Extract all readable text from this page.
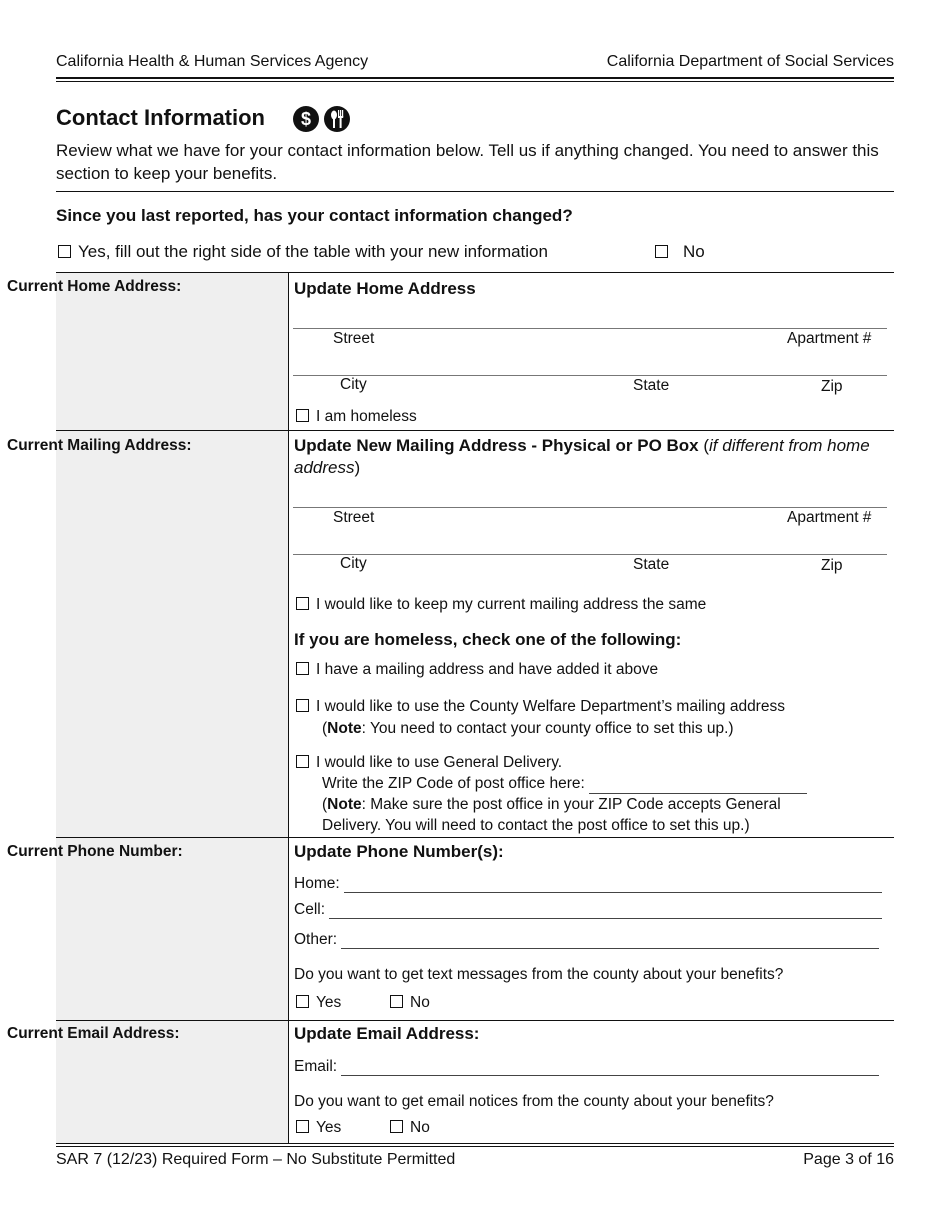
California Health & Human Services Agency	California Department of Social Services
Contact Information $
Review what we have for your contact information below. Tell us if anything changed. You need to answer this section to keep your benefits.
Since you last reported, has your contact information changed?
Yes, fill out the right side of the table with your new information	No
Current Home Address:	Update Home Address
Street	Apartment #
City	State	Zip
I am homeless
Current Mailing Address:	Update New Mailing Address - Physical or PO Box (if different from home address)
Street	Apartment #
City	State	Zip
I would like to keep my current mailing address the same
If you are homeless, check one of the following:
I have a mailing address and have added it above
I would like to use the County Welfare Department’s mailing address
(Note: You need to contact your county office to set this up.)
I would like to use General Delivery.
Write the ZIP Code of post office here:
(Note: Make sure the post office in your ZIP Code accepts General
Delivery. You will need to contact the post office to set this up.)
Current Phone Number:	Update Phone Number(s):
Home:
Cell:
Other:
Do you want to get text messages from the county about your benefits?
Yes	No
Current Email Address:	Update Email Address:
Email:
Do you want to get email notices from the county about your benefits?
Yes	No
SAR 7 (12/23) Required Form – No Substitute Permitted	Page 3 of 16
